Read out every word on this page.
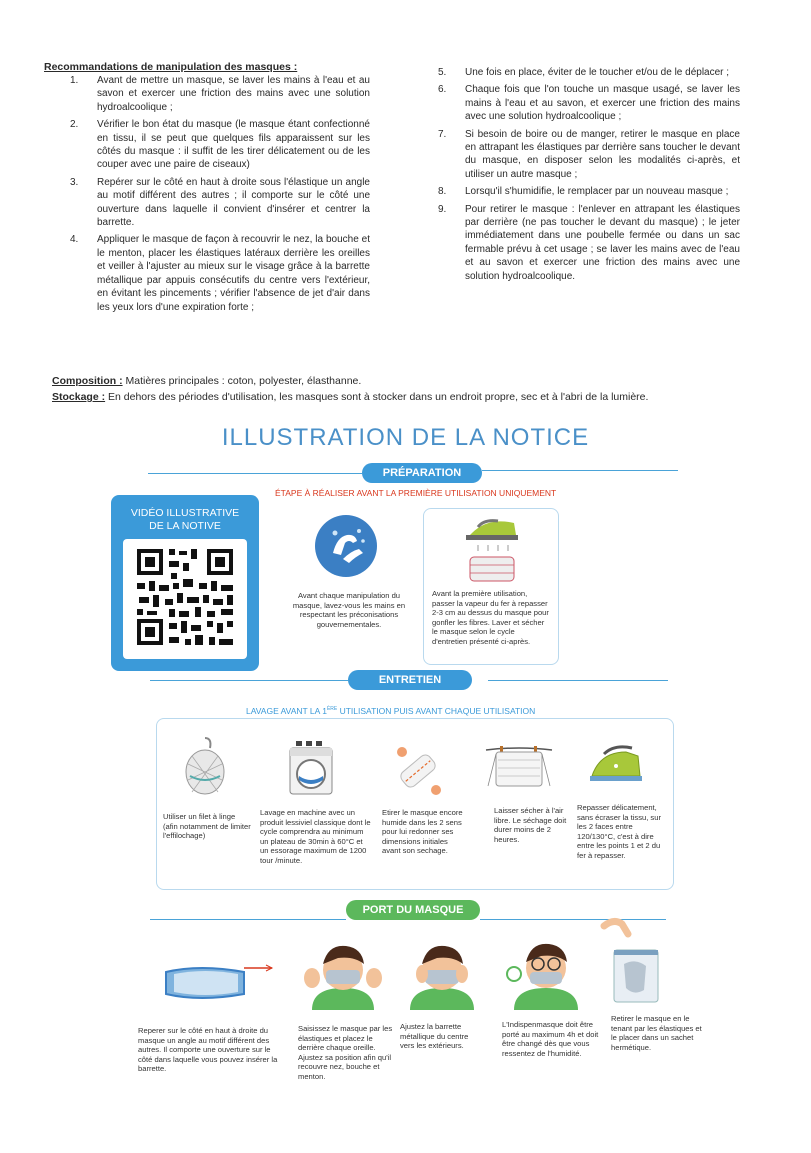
Recommandations de manipulation des masques :
1.	Avant de mettre un masque, se laver les mains à l'eau et au savon et exercer une friction des mains avec une solution hydroalcoolique ;
2.	Vérifier le bon état du masque (le masque étant confectionné en tissu, il se peut que quelques fils apparaissent sur les côtés du masque : il suffit de les tirer délicatement ou de les couper avec une paire de ciseaux)
3.	Repérer sur le côté en haut à droite sous l'élastique un angle au motif différent des autres ; il comporte sur le côté une ouverture dans laquelle il convient d'insérer et centrer la barrette.
4.	Appliquer le masque de façon à recouvrir le nez, la bouche et le menton, placer les élastiques latéraux derrière les oreilles et veiller à l'ajuster au mieux sur le visage grâce à la barrette métallique par appuis consécutifs du centre vers l'extérieur, en évitant les pincements ; vérifier l'absence de jet d'air dans les yeux lors d'une expiration forte ;
5.	Une fois en place, éviter de le toucher et/ou de le déplacer ;
6.	Chaque fois que l'on touche un masque usagé, se laver les mains à l'eau et au savon, et exercer une friction des mains avec une solution hydroalcoolique ;
7.	Si besoin de boire ou de manger, retirer le masque en place en attrapant les élastiques par derrière sans toucher le devant du masque, en disposer selon les modalités ci-après, et utiliser un autre masque ;
8.	Lorsqu'il s'humidifie, le remplacer par un nouveau masque ;
9.	Pour retirer le masque : l'enlever en attrapant les élastiques par derrière (ne pas toucher le devant du masque) ; le jeter immédiatement dans une poubelle fermée ou dans un sac fermable prévu à cet usage ; se laver les mains avec de l'eau et au savon et exercer une friction des mains avec une solution hydroalcoolique.
Composition : Matières principales : coton, polyester, élasthanne.
Stockage : En dehors des périodes d'utilisation, les masques sont à stocker dans un endroit propre, sec et à l'abri de la lumière.
ILLUSTRATION DE LA NOTICE
PRÉPARATION
ÉTAPE À RÉALISER AVANT LA PREMIÈRE UTILISATION UNIQUEMENT
VIDÉO ILLUSTRATIVE
DE LA NOTIVE
Avant chaque manipulation du masque, lavez-vous les mains en respectant les préconisations gouvernementales.
Avant la première utilisation, passer la vapeur du fer à repasser 2-3 cm au dessus du masque pour gonfler les fibres. Laver et sécher le masque selon le cycle d'entretien présenté ci-après.
ENTRETIEN
LAVAGE AVANT LA 1ÈRE UTILISATION PUIS AVANT CHAQUE UTILISATION
Utiliser un filet à linge (afin notamment de limiter l'effilochage)
Lavage en machine avec un produit lessiviel classique dont le cycle comprendra au minimum un plateau de 30min à 60°C et un essorage maximum de 1200 tour /minute.
Etirer le masque encore humide dans les 2 sens pour lui redonner ses dimensions initiales avant son sechage.
Laisser sécher à l'air libre. Le séchage doit durer moins de 2 heures.
Repasser délicatement, sans écraser la tissu, sur les 2 faces entre 120/130°C, c'est à dire entre les points 1 et 2 du fer à repasser.
PORT DU MASQUE
Reperer sur le côté en haut à droite du masque un angle au motif différent des autres. Il comporte une ouverture sur le côté dans laquelle vous pouvez insérer la barrette.
Saisissez le masque par les élastiques et placez le derrière chaque oreille. Ajustez sa position afin qu'il recouvre nez, bouche et menton.
Ajustez la barrette métallique du centre vers les extérieurs.
L'Indispenmasque doit être porté au maximum 4h et doit être changé dès que vous ressentez de l'humidité.
Retirer le masque en le tenant par les élastiques et le placer dans un sachet hermétique.
